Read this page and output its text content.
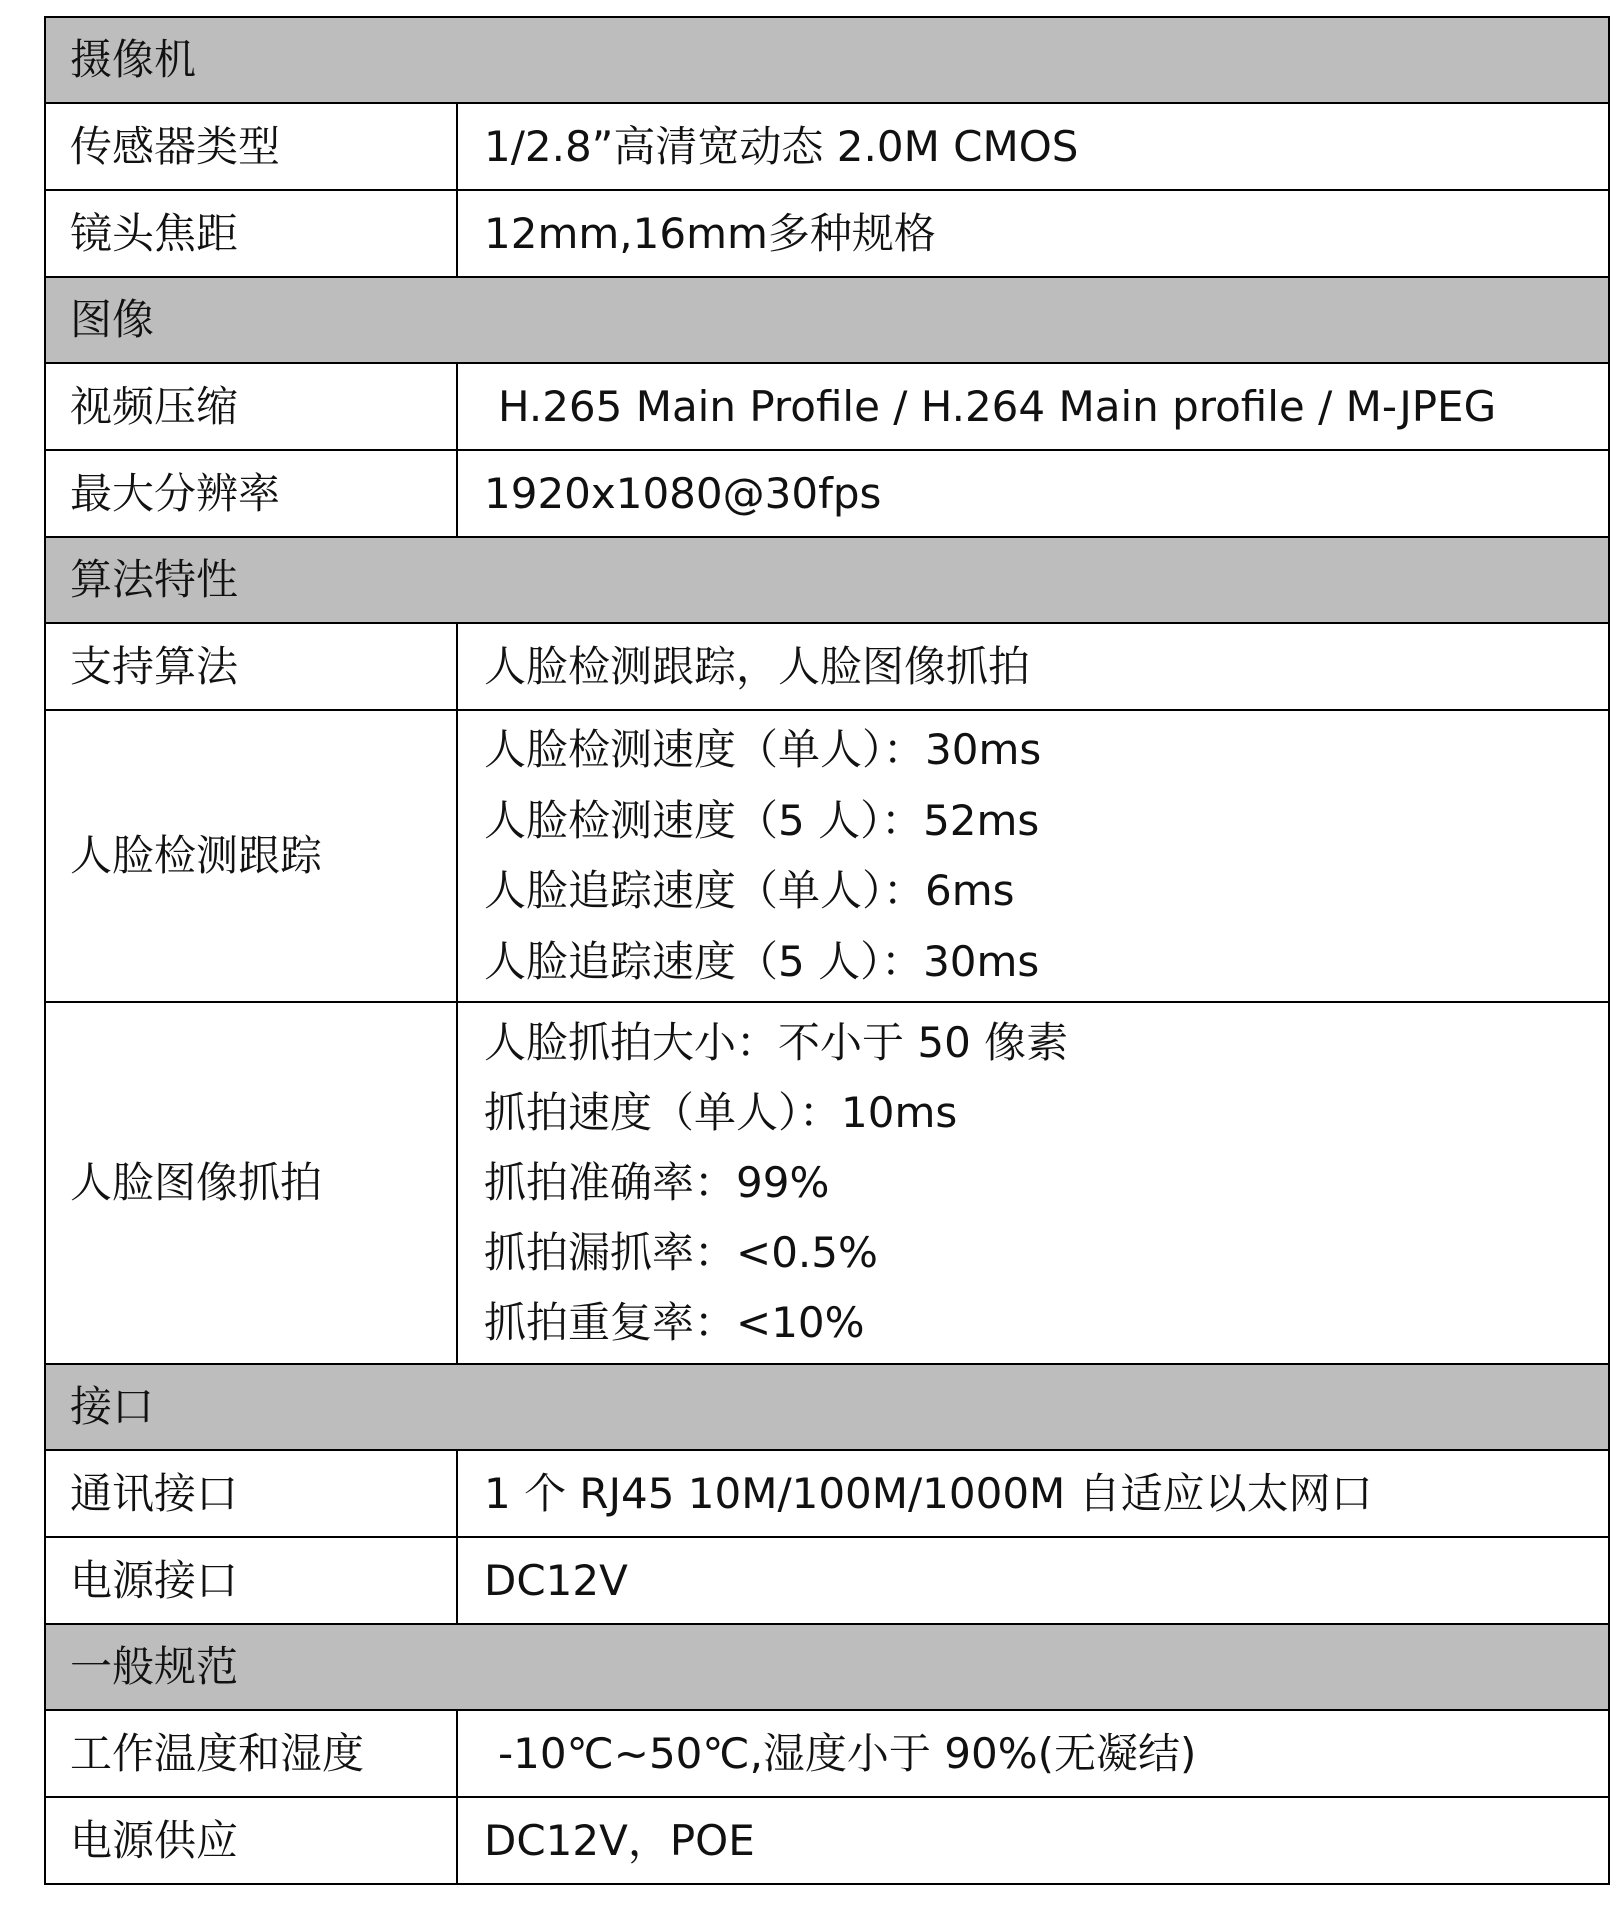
摄像机	
传感器类型	1/2.8”高清宽动态 2.0M CMOS
镜头焦距	12mm,16mm多种规格
图像	
视频压缩	H.265 Main Profile / H.264 Main profile / M-JPEG
最大分辨率	1920x1080@30fps
算法特性	
支持算法	人脸检测跟踪，人脸图像抓拍
人脸检测跟踪	人脸检测速度（单人）：30ms
人脸检测速度（5 人）：52ms
人脸追踪速度（单人）：6ms
人脸追踪速度（5 人）：30ms

人脸图像抓拍	人脸抓拍大小：不小于 50 像素
抓拍速度（单人）：10ms
抓拍准确率：99%
抓拍漏抓率：<0.5%
抓拍重复率：<10%

接口	
通讯接口	1 个 RJ45 10M/100M/1000M 自适应以太网口
电源接口	DC12V
一般规范	
工作温度和湿度	-10℃~50℃,湿度小于 90%(无凝结)
电源供应	DC12V，POE
